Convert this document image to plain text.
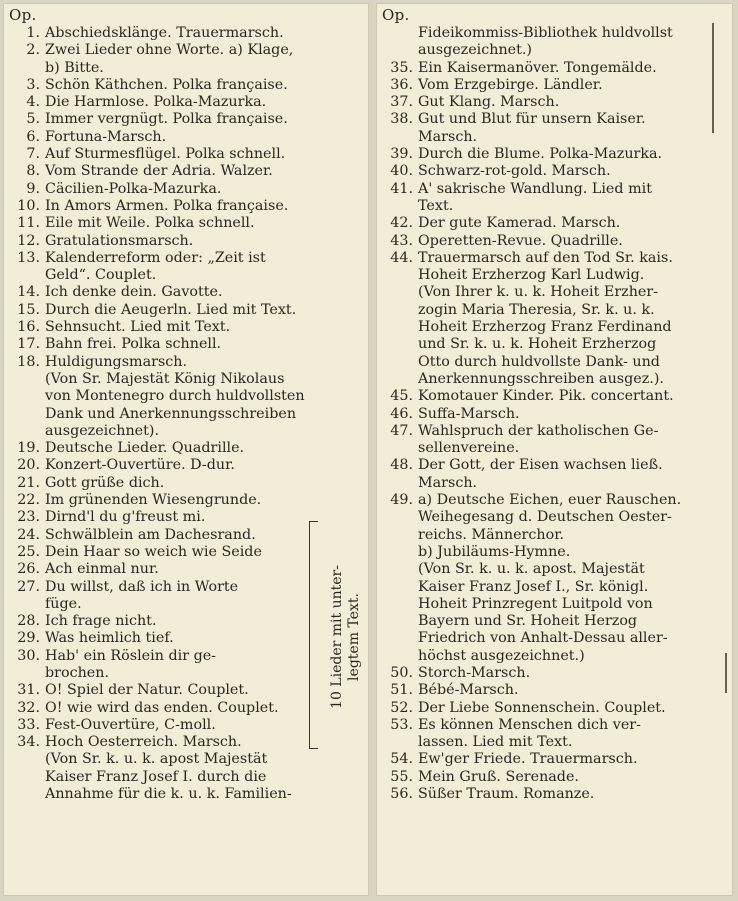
Op.
1. Abschiedsklänge. Trauermarsch.
2. Zwei Lieder ohne Worte. a) Klage,
b) Bitte.
3. Schön Käthchen. Polka française.
4. Die Harmlose. Polka-Mazurka.
5. Immer vergnügt. Polka française.
6. Fortuna-Marsch.
7. Auf Sturmesflügel. Polka schnell.
8. Vom Strande der Adria. Walzer.
9. Cäcilien-Polka-Mazurka.
10. In Amors Armen. Polka française.
11. Eile mit Weile. Polka schnell.
12. Gratulationsmarsch.
13. Kalenderreform oder: „Zeit ist
Geld“. Couplet.
14. Ich denke dein. Gavotte.
15. Durch die Aeugerln. Lied mit Text.
16. Sehnsucht. Lied mit Text.
17. Bahn frei. Polka schnell.
18. Huldigungsmarsch.
(Von Sr. Majestät König Nikolaus
von Montenegro durch huldvollsten
Dank und Anerkennungsschreiben
ausgezeichnet).
19. Deutsche Lieder. Quadrille.
20. Konzert-Ouvertüre. D-dur.
21. Gott grüße dich.
22. Im grünenden Wiesengrunde.
23. Dirnd'l du g'freust mi.
24. Schwälblein am Dachesrand.
25. Dein Haar so weich wie Seide
26. Ach einmal nur.
27. Du willst, daß ich in Worte
füge.
28. Ich frage nicht.
29. Was heimlich tief.
30. Hab' ein Röslein dir ge-
brochen.
31. O! Spiel der Natur. Couplet.
32. O! wie wird das enden. Couplet.
33. Fest-Ouvertüre, C-moll.
34. Hoch Oesterreich. Marsch.
(Von Sr. k. u. k. apost Majestät
Kaiser Franz Josef I. durch die
Annahme für die k. u. k. Familien-
10 Lieder mit unter-
legtem Text.
Op.
Fideikommiss-Bibliothek huldvollst
ausgezeichnet.)
35. Ein Kaisermanöver. Tongemälde.
36. Vom Erzgebirge. Ländler.
37. Gut Klang. Marsch.
38. Gut und Blut für unsern Kaiser.
Marsch.
39. Durch die Blume. Polka-Mazurka.
40. Schwarz-rot-gold. Marsch.
41. A' sakrische Wandlung. Lied mit
Text.
42. Der gute Kamerad. Marsch.
43. Operetten-Revue. Quadrille.
44. Trauermarsch auf den Tod Sr. kais.
Hoheit Erzherzog Karl Ludwig.
(Von Ihrer k. u. k. Hoheit Erzher-
zogin Maria Theresia, Sr. k. u. k.
Hoheit Erzherzog Franz Ferdinand
und Sr. k. u. k. Hoheit Erzherzog
Otto durch huldvollste Dank- und
Anerkennungsschreiben ausgez.).
45. Komotauer Kinder. Pik. concertant.
46. Suffa-Marsch.
47. Wahlspruch der katholischen Ge-
sellenvereine.
48. Der Gott, der Eisen wachsen ließ.
Marsch.
49. a) Deutsche Eichen, euer Rauschen.
Weihegesang d. Deutschen Oester-
reichs. Männerchor.
b) Jubiläums-Hymne.
(Von Sr. k. u. k. apost. Majestät
Kaiser Franz Josef I., Sr. königl.
Hoheit Prinzregent Luitpold von
Bayern und Sr. Hoheit Herzog
Friedrich von Anhalt-Dessau aller-
höchst ausgezeichnet.)
50. Storch-Marsch.
51. Bébé-Marsch.
52. Der Liebe Sonnenschein. Couplet.
53. Es können Menschen dich ver-
lassen. Lied mit Text.
54. Ew'ger Friede. Trauermarsch.
55. Mein Gruß. Serenade.
56. Süßer Traum. Romanze.
